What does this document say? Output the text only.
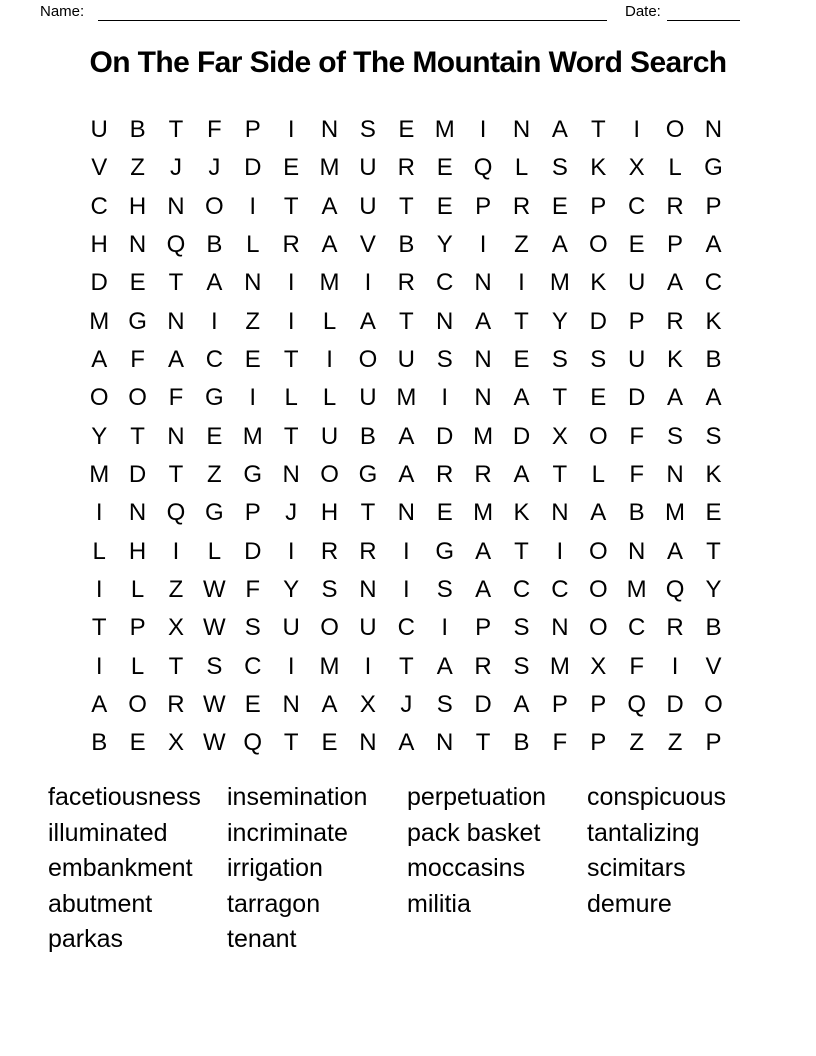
Name:	Date:
On The Far Side of The Mountain Word Search
U B T F P	I	N S E M	I	N A T	I	O N
V Z	J	J D E M U R E Q L S K X L G
C H N O	I	T A U T E P R E P C R P
H N Q B L R A V B Y	I	Z A O E P A
D E T A N	I	M	I	R C N	I	M K U A C
M G N	I	Z	I	L A T N A T Y D P R K
A F A C E T	I	O U S N E S S U K B
O O F G	I	L	L U M	I	N A T E D A A
Y T N E M T U B A D M D X O F S S
M D T Z G N O G A R R A T	L	F N K
I	N Q G P	J H T N E M K N A B M E
L H	I	L D	I	R R	I	G A T	I	O N A T
I	L	Z W F Y S N	I	S A C C O M Q Y
T P X W S U O U C	I	P S N O C R B
I	L	T S C	I	M	I	T A R S M X F	I	V
A O R W E N A X	J	S D A P P Q D O
B E X W Q T E N A N T B F P Z Z P
facetiousness
illuminated
embankment
abutment
parkas
insemination
incriminate
irrigation
tarragon
tenant
perpetuation
pack basket
moccasins
militia
conspicuous
tantalizing
scimitars
demure
